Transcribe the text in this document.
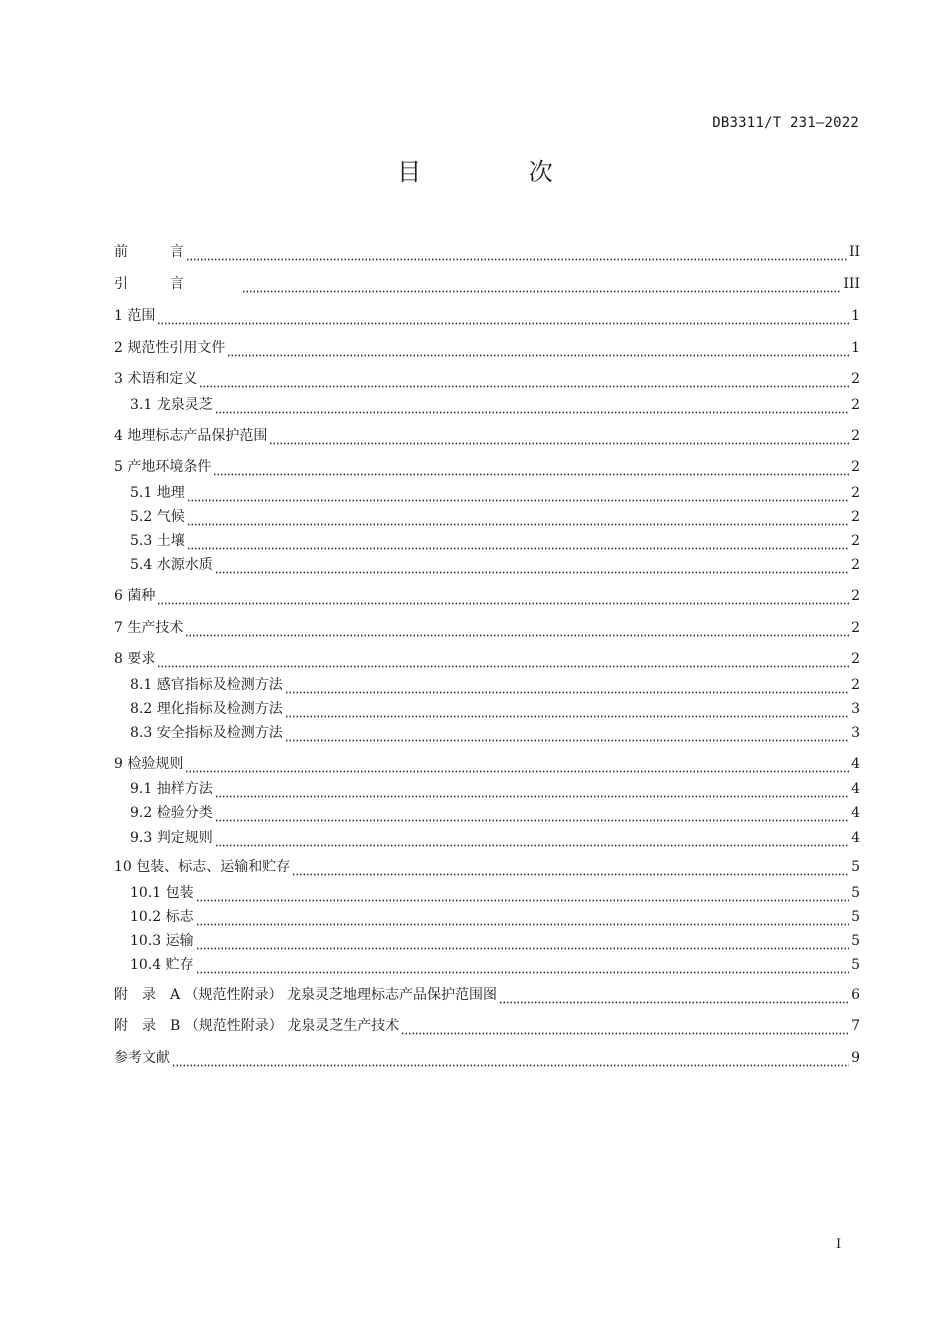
DB3311/T 231—2022
目 次
前　　　言	II
引　　　言　　　　	III
1 范围	1
2 规范性引用文件	1
3 术语和定义	2
3.1 龙泉灵芝	2
4 地理标志产品保护范围	2
5 产地环境条件	2
5.1 地理	2
5.2 气候	2
5.3 土壤	2
5.4 水源水质	2
6 菌种	2
7 生产技术	2
8 要求	2
8.1 感官指标及检测方法	2
8.2 理化指标及检测方法	3
8.3 安全指标及检测方法	3
9 检验规则	4
9.1 抽样方法	4
9.2 检验分类	4
9.3 判定规则	4
10 包装、标志、运输和贮存	5
10.1 包装	5
10.2 标志	5
10.3 运输	5
10.4 贮存	5
附　录　A （规范性附录） 龙泉灵芝地理标志产品保护范围图	6
附　录　B （规范性附录） 龙泉灵芝生产技术	7
参考文献	9
I
